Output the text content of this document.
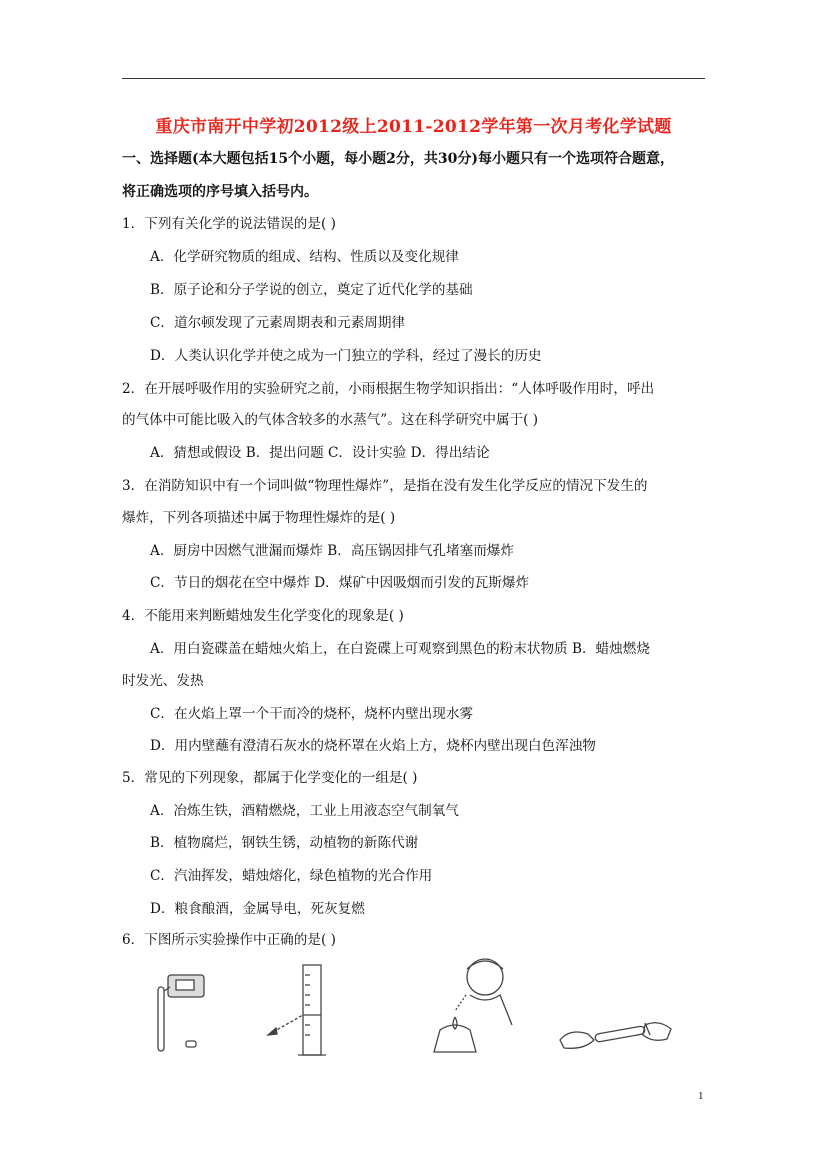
重庆市南开中学初2012级上2011-2012学年第一次月考化学试题
一、选择题(本大题包括15个小题，每小题2分，共30分)每小题只有一个选项符合题意，
将正确选项的序号填入括号内。
1．下列有关化学的说法错误的是( )
A．化学研究物质的组成、结构、性质以及变化规律
B．原子论和分子学说的创立，奠定了近代化学的基础
C．道尔顿发现了元素周期表和元素周期律
D．人类认识化学并使之成为一门独立的学科，经过了漫长的历史
2．在开展呼吸作用的实验研究之前，小雨根据生物学知识指出：“人体呼吸作用时，呼出
的气体中可能比吸入的气体含较多的水蒸气”。这在科学研究中属于( )
A．猜想或假设 B．提出问题 C．设计实验 D．得出结论
3．在消防知识中有一个词叫做“物理性爆炸”，是指在没有发生化学反应的情况下发生的
爆炸，下列各项描述中属于物理性爆炸的是( )
A．厨房中因燃气泄漏而爆炸 B．高压锅因排气孔堵塞而爆炸
C．节日的烟花在空中爆炸 D．煤矿中因吸烟而引发的瓦斯爆炸
4．不能用来判断蜡烛发生化学变化的现象是( )
A．用白瓷碟盖在蜡烛火焰上，在白瓷碟上可观察到黑色的粉末状物质 B．蜡烛燃烧
时发光、发热
C．在火焰上罩一个干而冷的烧杯，烧杯内壁出现水雾
D．用内壁蘸有澄清石灰水的烧杯罩在火焰上方，烧杯内壁出现白色浑浊物
5．常见的下列现象，都属于化学变化的一组是( )
A．冶炼生铁，酒精燃烧，工业上用液态空气制氧气
B．植物腐烂，钢铁生锈，动植物的新陈代谢
C．汽油挥发，蜡烛熔化，绿色植物的光合作用
D．粮食酿酒，金属导电，死灰复燃
6．下图所示实验操作中正确的是( )
1
